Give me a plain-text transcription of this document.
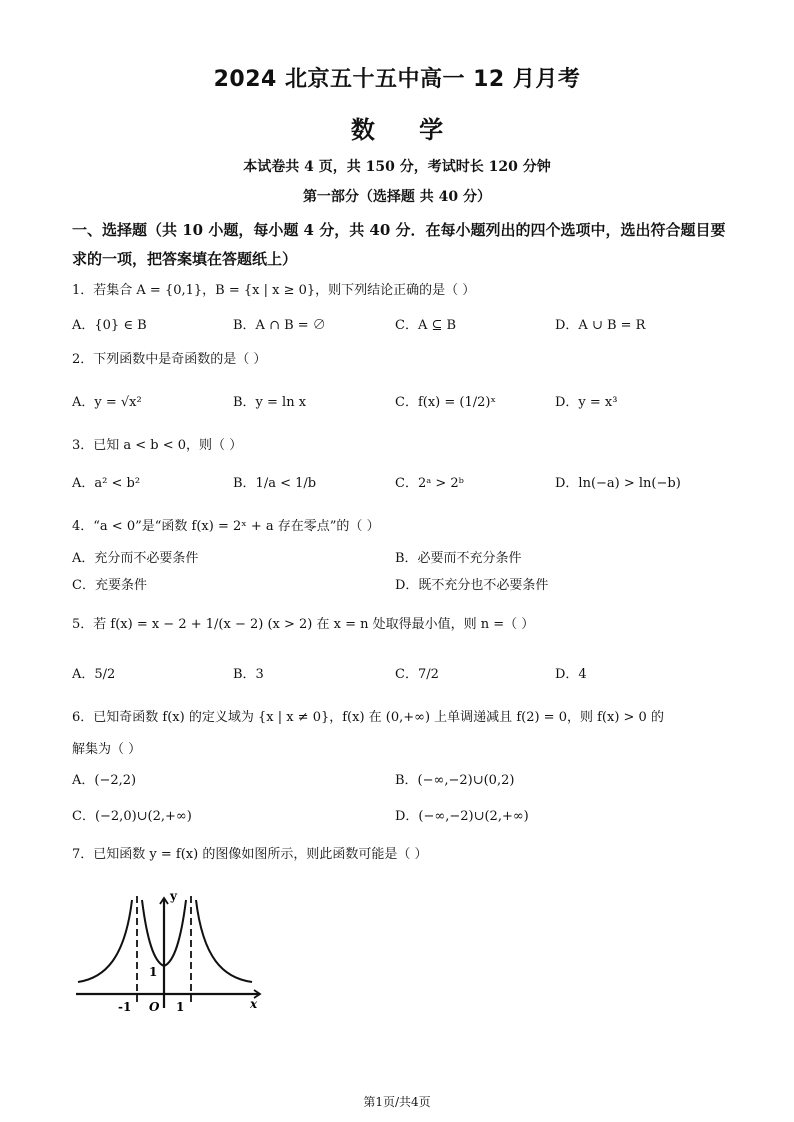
2024 北京五十五中高一 12 月月考
数 学
本试卷共 4 页，共 150 分，考试时长 120 分钟
第一部分（选择题 共 40 分）
一、选择题（共 10 小题，每小题 4 分，共 40 分．在每小题列出的四个选项中，选出符合题目要求的一项，把答案填在答题纸上）
1．若集合 A = {0,1}，B = {x | x ≥ 0}，则下列结论正确的是（ ）
A．{0} ∈ B	B．A ∩ B = ∅	C．A ⊆ B	D．A ∪ B = R
2．下列函数中是奇函数的是（ ）
A．y = √x²	B．y = ln x	C．f(x) = (1/2)ˣ	D．y = x³
3．已知 a < b < 0，则（ ）
A．a² < b²	B．1/a < 1/b	C．2ᵃ > 2ᵇ	D．ln(−a) > ln(−b)
4．“a < 0”是“函数 f(x) = 2ˣ + a 存在零点”的（ ）
A．充分而不必要条件	B．必要而不充分条件
C．充要条件	D．既不充分也不必要条件
5．若 f(x) = x − 2 + 1/(x − 2) (x > 2) 在 x = n 处取得最小值，则 n =（ ）
A．5/2	B．3	C．7/2	D．4
6．已知奇函数 f(x) 的定义域为 {x | x ≠ 0}，f(x) 在 (0,+∞) 上单调递减且 f(2) = 0，则 f(x) > 0 的
解集为（ ）
A．(−2,2)	B．(−∞,−2)∪(0,2)
C．(−2,0)∪(2,+∞)	D．(−∞,−2)∪(2,+∞)
7．已知函数 y = f(x) 的图像如图所示，则此函数可能是（ ）
y
x
1
O
-1	1
第1页/共4页
